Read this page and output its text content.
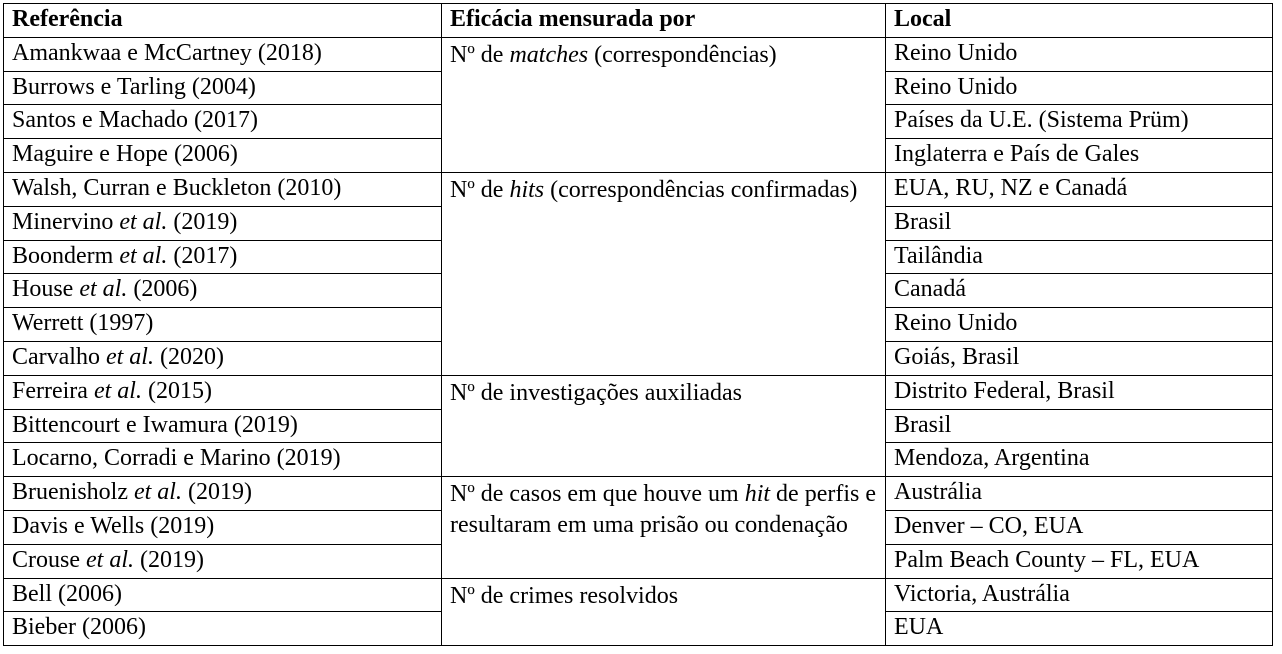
Referência	Eficácia mensurada por	Local
Amankwaa e McCartney (2018)	Nº de matches (correspondências)	Reino Unido
Burrows e Tarling (2004)		Reino Unido
Santos e Machado (2017)		Países da U.E. (Sistema Prüm)
Maguire e Hope (2006)		Inglaterra e País de Gales
Walsh, Curran e Buckleton (2010)	Nº de hits (correspondências confirmadas)	EUA, RU, NZ e Canadá
Minervino et al. (2019)		Brasil
Boonderm et al. (2017)		Tailândia
House et al. (2006)		Canadá
Werrett (1997)		Reino Unido
Carvalho et al. (2020)		Goiás, Brasil
Ferreira et al. (2015)	Nº de investigações auxiliadas	Distrito Federal, Brasil
Bittencourt e Iwamura (2019)		Brasil
Locarno, Corradi e Marino (2019)		Mendoza, Argentina
Bruenisholz et al. (2019)	Nº de casos em que houve um hit de perfis e resultaram em uma prisão ou condenação	Austrália
Davis e Wells (2019)		Denver – CO, EUA
Crouse et al. (2019)		Palm Beach County – FL, EUA
Bell (2006)	Nº de crimes resolvidos	Victoria, Austrália
Bieber (2006)		EUA
